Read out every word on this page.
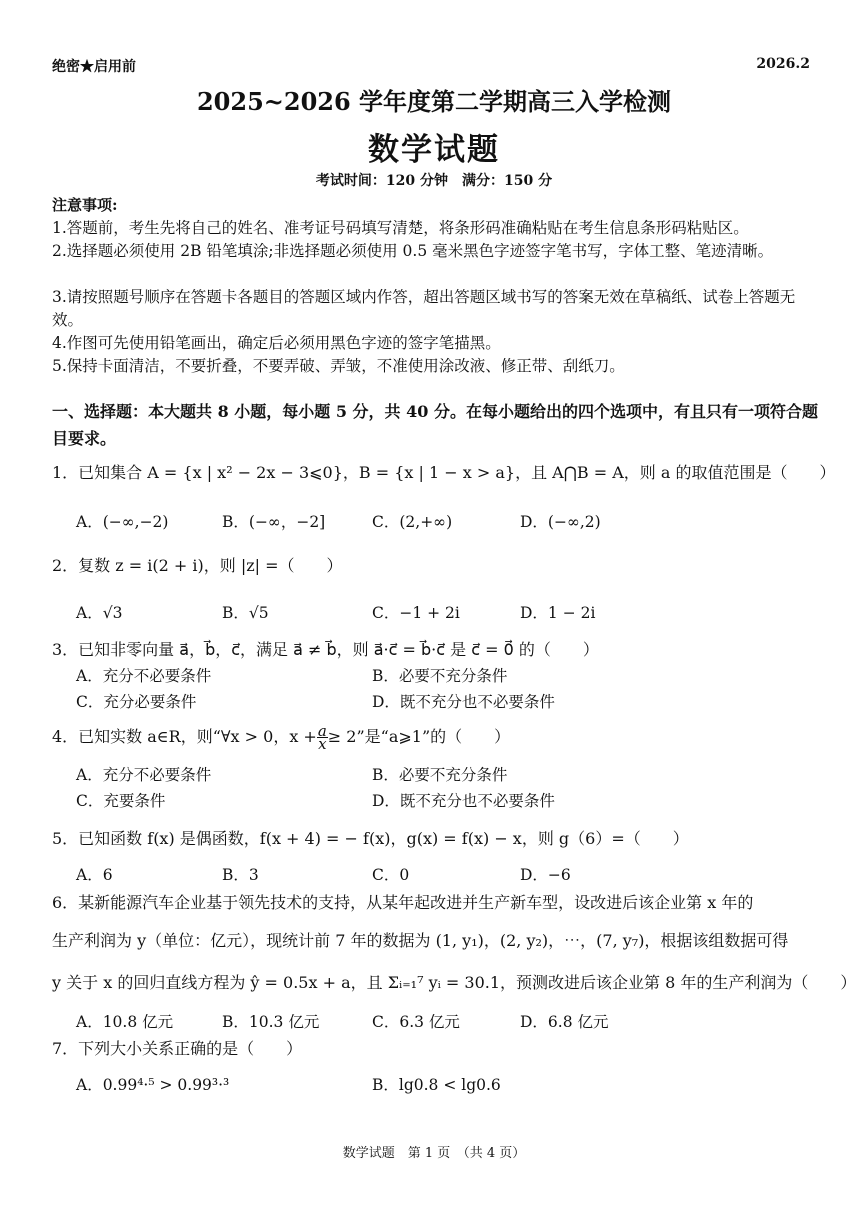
绝密★启用前	2026.2
2025~2026 学年度第二学期高三入学检测
数学试题
考试时间：120 分钟　满分：150 分
注意事项:
1.答题前，考生先将自己的姓名、准考证号码填写清楚，将条形码准确粘贴在考生信息条形码粘贴区。
2.选择题必须使用 2B 铅笔填涂;非选择题必须使用 0.5 毫米黑色字迹签字笔书写，字体工整、笔迹清晰。
3.请按照题号顺序在答题卡各题目的答题区域内作答，超出答题区域书写的答案无效在草稿纸、试卷上答题无效。
4.作图可先使用铅笔画出，确定后必须用黑色字迹的签字笔描黑。
5.保持卡面清洁，不要折叠，不要弄破、弄皱，不准使用涂改液、修正带、刮纸刀。
一、选择题：本大题共 8 小题，每小题 5 分，共 40 分。在每小题给出的四个选项中，有且只有一项符合题目要求。
1．已知集合 A = {x | x² − 2x − 3⩽0}，B = {x | 1 − x > a}，且 A⋂B = A，则 a 的取值范围是（　　）
A．(−∞,−2)	B．(−∞，−2]	C．(2,+∞)	D．(−∞,2)
2．复数 z = i(2 + i)，则 |z| =（　　）
A．√3	B．√5	C．−1 + 2i	D．1 − 2i
3．已知非零向量 a⃗，b⃗，c⃗，满足 a⃗ ≠ b⃗，则 a⃗·c⃗ = b⃗·c⃗ 是 c⃗ = 0⃗ 的（　　）
A．充分不必要条件	B．必要不充分条件
C．充分必要条件	D．既不充分也不必要条件
4．已知实数 a∈R，则“∀x > 0，$x + \frac{a}{x} \ge 2$”是“a⩾1”的（　　）
A．充分不必要条件	B．必要不充分条件
C．充要条件	D．既不充分也不必要条件
5．已知函数 f(x) 是偶函数，f(x + 4) = − f(x)，g(x) = f(x) − x，则 g（6）=（　　）
A．6	B．3	C．0	D．−6
6．某新能源汽车企业基于领先技术的支持，从某年起改进并生产新车型，设改进后该企业第 x 年的
生产利润为 y（单位：亿元），现统计前 7 年的数据为 (1, y₁)，(2, y₂)，⋯，(7, y₇)，根据该组数据可得
y 关于 x 的回归直线方程为 ŷ = 0.5x + a，且 Σᵢ₌₁⁷ yᵢ = 30.1，预测改进后该企业第 8 年的生产利润为（　　）
A．10.8 亿元	B．10.3 亿元	C．6.3 亿元	D．6.8 亿元
7．下列大小关系正确的是（　　）
A．0.99⁴·⁵ > 0.99³·³	B．lg0.8 < lg0.6
数学试题　第 1 页　（共 4 页）
